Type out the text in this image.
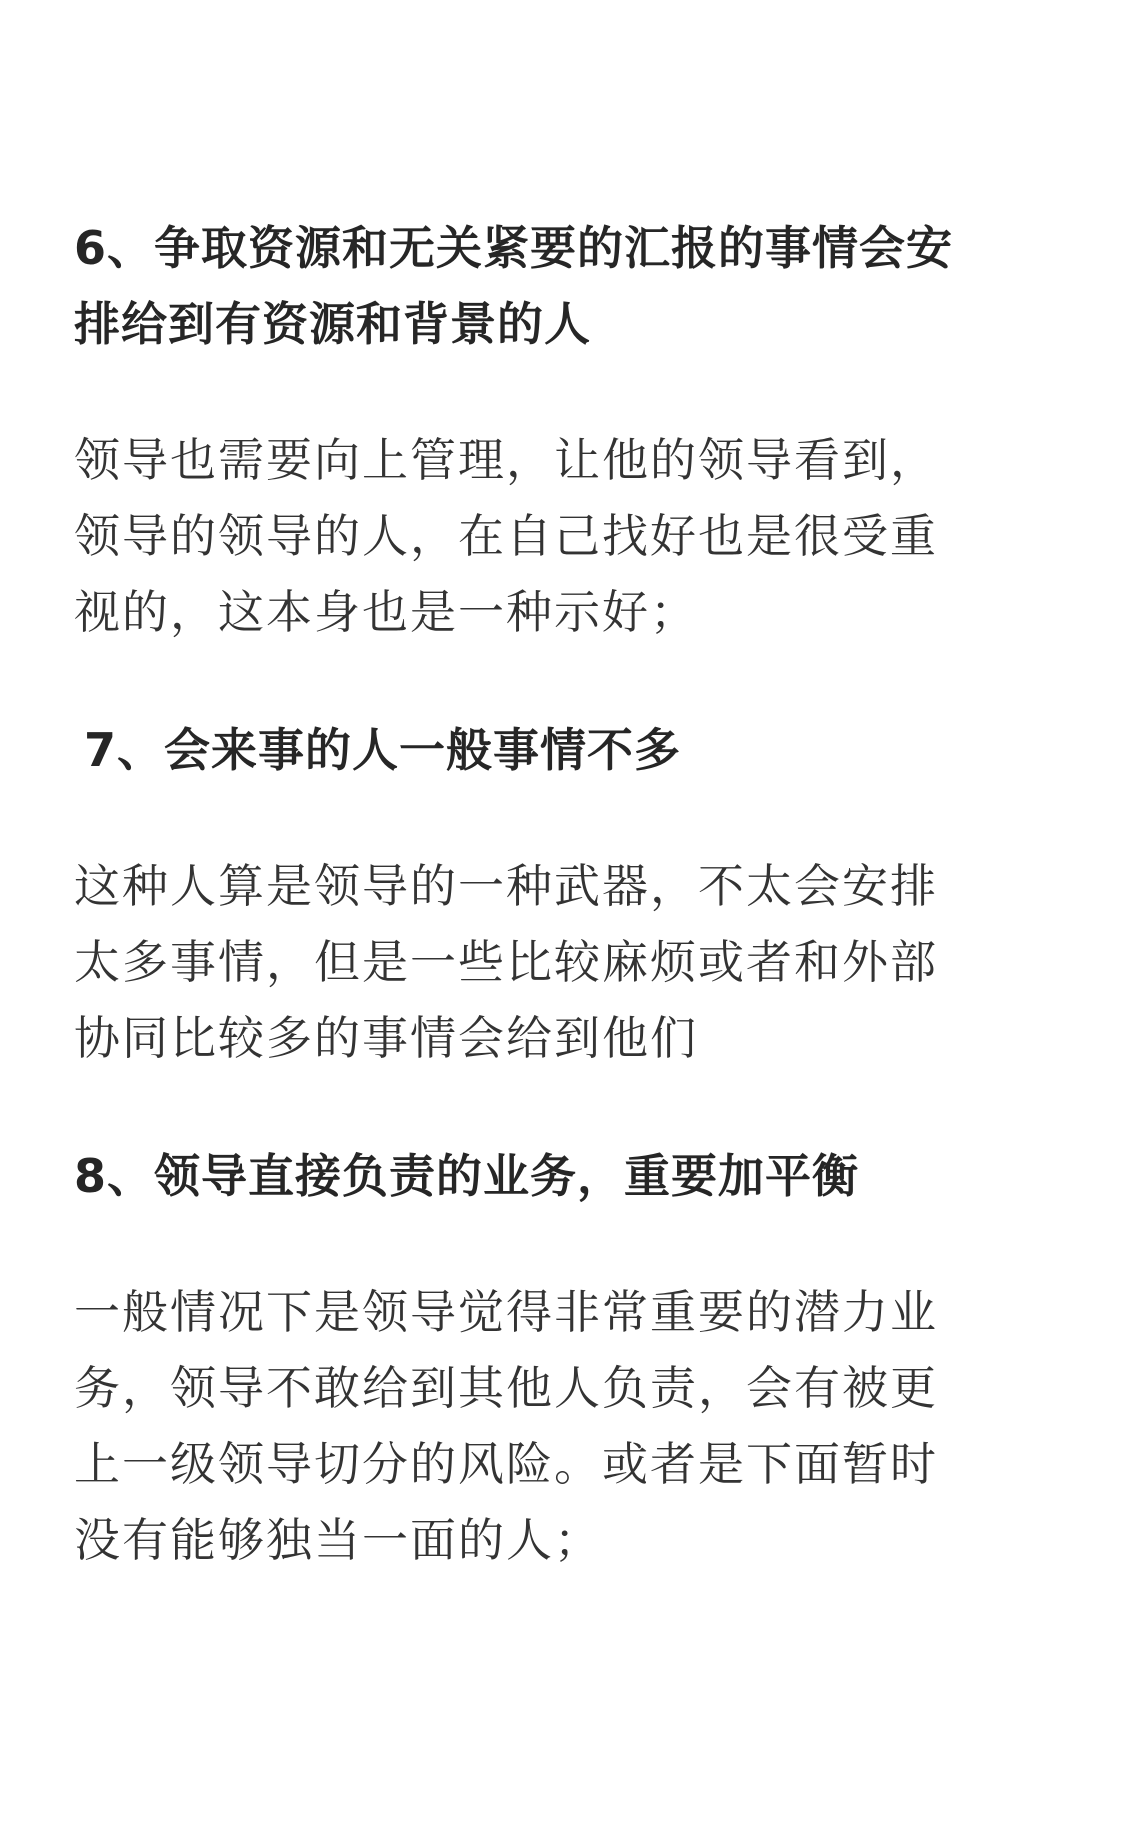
6、争取资源和无关紧要的汇报的事情会安
排给到有资源和背景的人

领导也需要向上管理，让他的领导看到，
领导的领导的人，在自己找好也是很受重
视的，这本身也是一种示好；

7、会来事的人一般事情不多

这种人算是领导的一种武器，不太会安排
太多事情，但是一些比较麻烦或者和外部
协同比较多的事情会给到他们

8、领导直接负责的业务，重要加平衡

一般情况下是领导觉得非常重要的潜力业
务，领导不敢给到其他人负责，会有被更
上一级领导切分的风险。或者是下面暂时
没有能够独当一面的人；
